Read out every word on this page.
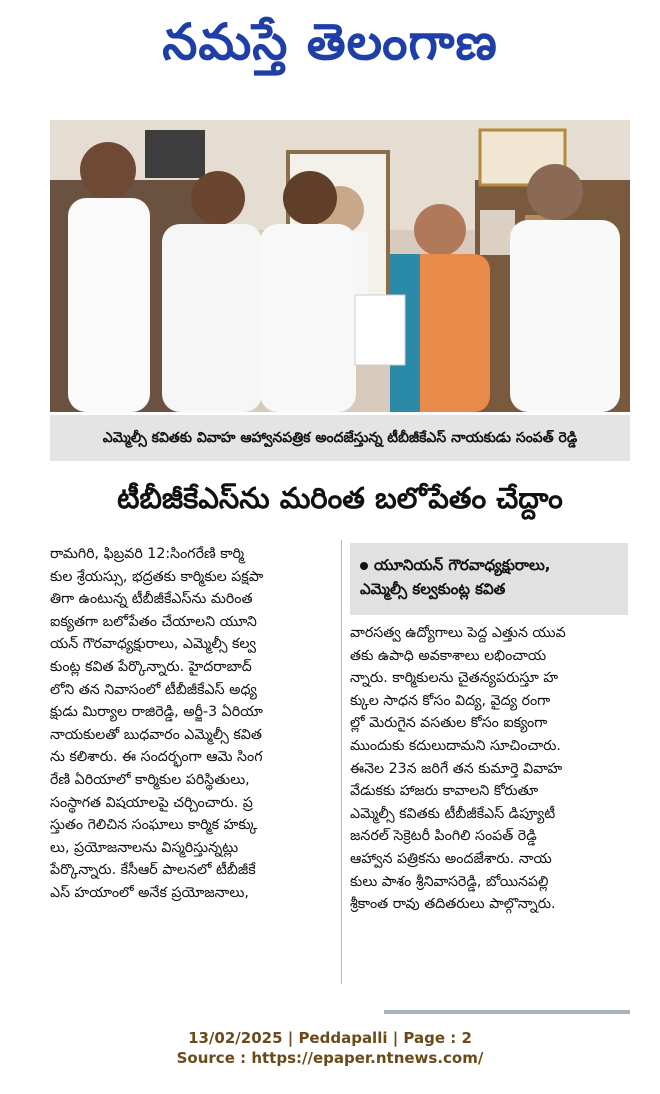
నమస్తే తెలంగాణ
ఎమ్మెల్సీ కవితకు వివాహ ఆహ్వానపత్రిక అందజేస్తున్న టీబీజీకేఎస్ నాయకుడు సంపత్ రెడ్డి
టీబీజీకేఎస్‌ను మరింత బలోపేతం చేద్దాం
రామగిరి, ఫిబ్రవరి 12:సింగరేణి కార్మి
కుల శ్రేయస్సు, భద్రతకు కార్మికుల పక్షపా
తిగా ఉంటున్న టీబీజీకేఎస్‌ను మరింత
ఐక్యతగా బలోపేతం చేయాలని యూని
యన్ గౌరవాధ్యక్షురాలు, ఎమ్మెల్సీ కల్వ
కుంట్ల కవిత పేర్కొన్నారు. హైదరాబాద్
లోని తన నివాసంలో టీబీజీకేఎస్ అధ్య
క్షుడు మిర్యాల రాజిరెడ్డి, అర్జీ-3 ఏరియా
నాయకులతో బుధవారం ఎమ్మెల్సీ కవిత
ను కలిశారు. ఈ సందర్భంగా ఆమె సింగ
రేణి ఏరియాలో కార్మికుల పరిస్థితులు,
సంస్థాగత విషయాలపై చర్చించారు. ప్ర
స్తుతం గెలిచిన సంఘాలు కార్మిక హక్కు
లు, ప్రయోజనాలను విస్మరిస్తున్నట్లు
పేర్కొన్నారు. కేసీఆర్ పాలనలో టీబీజీకే
ఎస్ హయాంలో అనేక ప్రయోజనాలు,
యూనియన్ గౌరవాధ్యక్షురాలు,
ఎమ్మెల్సీ కల్వకుంట్ల కవిత
వారసత్వ ఉద్యోగాలు పెద్ద ఎత్తున యువ
తకు ఉపాధి అవకాశాలు లభించాయ
న్నారు. కార్మికులను చైతన్యపరుస్తూ హ
క్కుల సాధన కోసం విద్య, వైద్య రంగా
ల్లో మెరుగైన వసతుల కోసం ఐక్యంగా
ముందుకు కదులుదామని సూచించారు.
ఈనెల 23న జరిగే తన కుమార్తె వివాహ
వేడుకకు హాజరు కావాలని కోరుతూ
ఎమ్మెల్సీ కవితకు టీబీజీకేఎస్ డిప్యూటీ
జనరల్ సెక్రెటరీ పింగిలి సంపత్ రెడ్డి
ఆహ్వాన పత్రికను అందజేశారు. నాయ
కులు పాశం శ్రీనివాసరెడ్డి, బోయినపల్లి
శ్రీకాంత రావు తదితరులు పాల్గొన్నారు.
13/02/2025 | Peddapalli | Page : 2
Source : https://epaper.ntnews.com/
